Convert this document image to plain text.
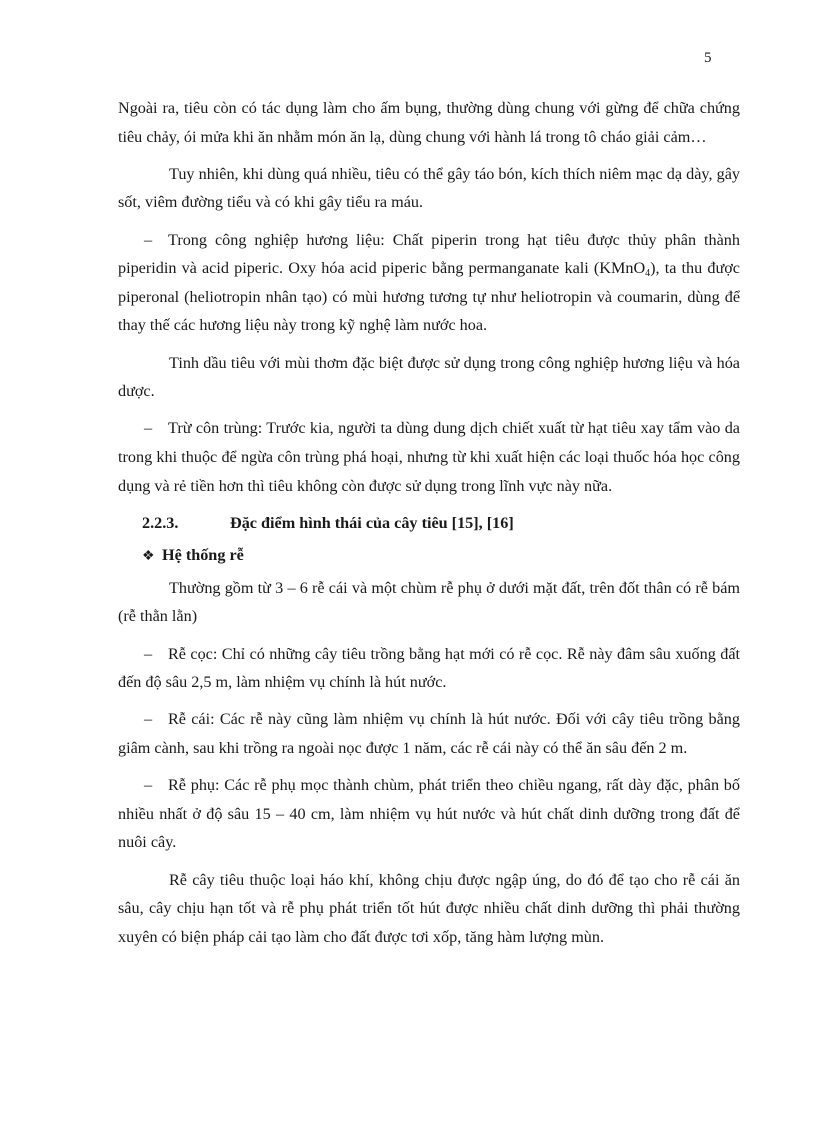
5

Ngoài ra, tiêu còn có tác dụng làm cho ấm bụng, thường dùng chung với gừng để chữa chứng tiêu chảy, ói mửa khi ăn nhằm món ăn lạ, dùng chung với hành lá trong tô cháo giải cảm…

Tuy nhiên, khi dùng quá nhiều, tiêu có thể gây táo bón, kích thích niêm mạc dạ dày, gây sốt, viêm đường tiểu và có khi gây tiểu ra máu.

– Trong công nghiệp hương liệu: Chất piperin trong hạt tiêu được thủy phân thành piperidin và acid piperic. Oxy hóa acid piperic bằng permanganate kali (KMnO$_4$), ta thu được piperonal (heliotropin nhân tạo) có mùi hương tương tự như heliotropin và coumarin, dùng để thay thế các hương liệu này trong kỹ nghệ làm nước hoa.

Tinh dầu tiêu với mùi thơm đặc biệt được sử dụng trong công nghiệp hương liệu và hóa dược.

– Trừ côn trùng: Trước kia, người ta dùng dung dịch chiết xuất từ hạt tiêu xay tẩm vào da trong khi thuộc để ngừa côn trùng phá hoại, nhưng từ khi xuất hiện các loại thuốc hóa học công dụng và rẻ tiền hơn thì tiêu không còn được sử dụng trong lĩnh vực này nữa.

2.2.3.	Đặc điểm hình thái của cây tiêu [15], [16]

❖ Hệ thống rễ

Thường gồm từ 3 – 6 rễ cái và một chùm rễ phụ ở dưới mặt đất, trên đốt thân có rễ bám (rễ thằn lằn)

– Rễ cọc: Chỉ có những cây tiêu trồng bằng hạt mới có rễ cọc. Rễ này đâm sâu xuống đất đến độ sâu 2,5 m, làm nhiệm vụ chính là hút nước.

– Rễ cái: Các rễ này cũng làm nhiệm vụ chính là hút nước. Đối với cây tiêu trồng bằng giâm cành, sau khi trồng ra ngoài nọc được 1 năm, các rễ cái này có thể ăn sâu đến 2 m.

– Rễ phụ: Các rễ phụ mọc thành chùm, phát triển theo chiều ngang, rất dày đặc, phân bố nhiều nhất ở độ sâu 15 – 40 cm, làm nhiệm vụ hút nước và hút chất dinh dưỡng trong đất để nuôi cây.

Rễ cây tiêu thuộc loại háo khí, không chịu được ngập úng, do đó để tạo cho rễ cái ăn sâu, cây chịu hạn tốt và rễ phụ phát triển tốt hút được nhiều chất dinh dưỡng thì phải thường xuyên có biện pháp cải tạo làm cho đất được tơi xốp, tăng hàm lượng mùn.
